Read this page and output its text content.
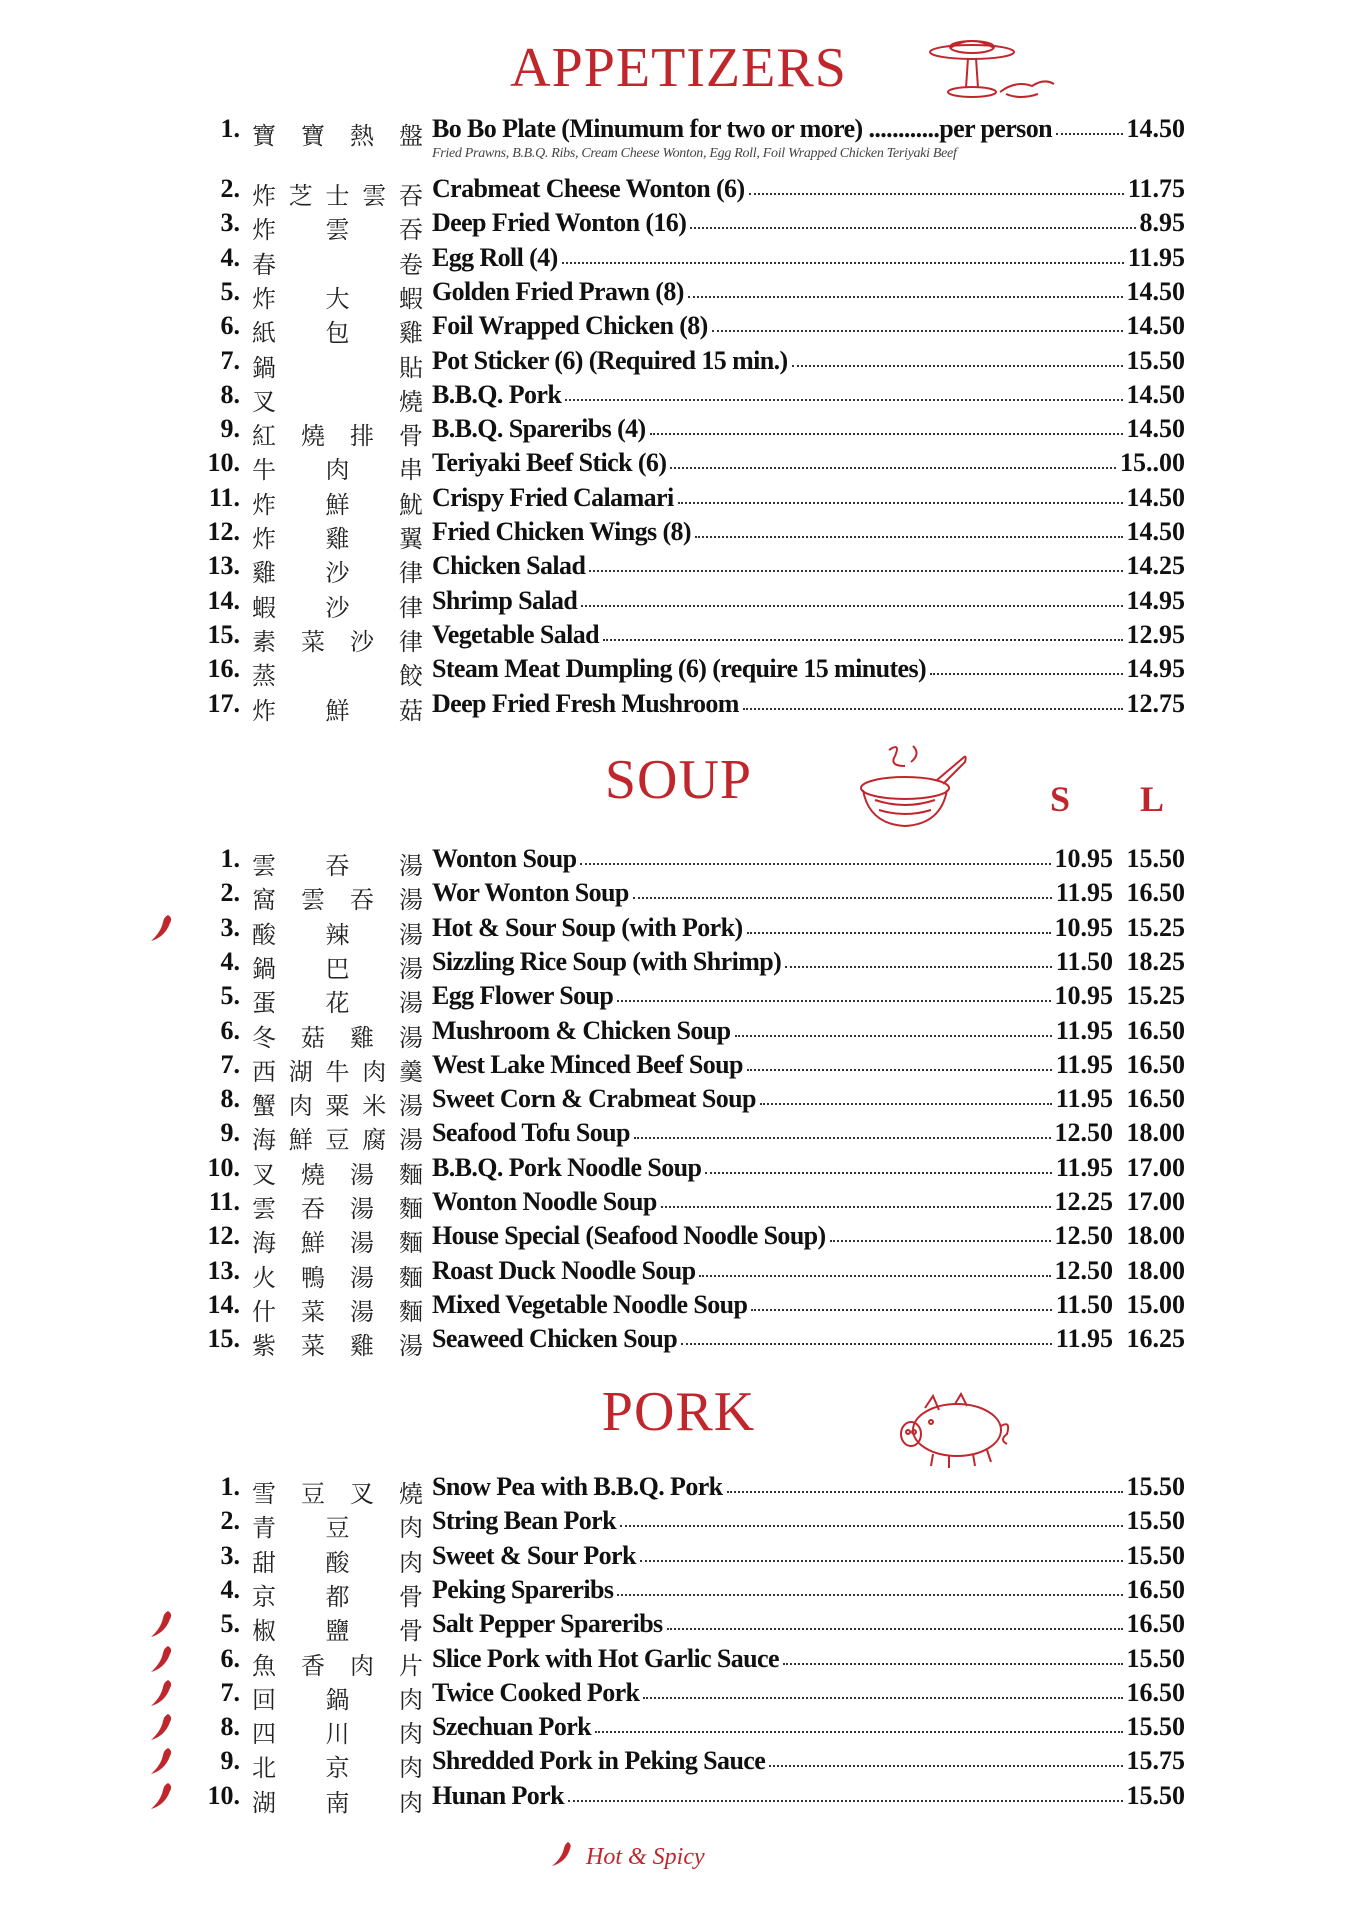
APPETIZERS
SOUP
PORK
S L
1. 寶 寶 熱 盤 Bo Bo Plate (Minumum for two or more) ............per person	14.50
Fried Prawns, B.B.Q. Ribs, Cream Cheese Wonton, Egg Roll, Foil Wrapped Chicken Teriyaki Beef
2. 炸 芝 士 雲 吞 Crabmeat Cheese Wonton (6)	11.75
3. 炸 雲 吞 Deep Fried Wonton (16)	8.95
4. 春	卷 Egg Roll (4)	11.95
5. 炸 大 蝦 Golden Fried Prawn (8)	14.50
6. 紙 包 雞 Foil Wrapped Chicken (8)	14.50
7. 鍋	貼 Pot Sticker (6) (Required 15 min.)	15.50
8. 叉	燒 B.B.Q. Pork	14.50
9. 紅 燒 排 骨 B.B.Q. Spareribs (4)	14.50
10. 牛 肉 串 Teriyaki Beef Stick (6)	15..00
11. 炸 鮮 魷 Crispy Fried Calamari	14.50
12. 炸 雞 翼 Fried Chicken Wings (8)	14.50
13. 雞 沙 律 Chicken Salad	14.25
14. 蝦 沙 律 Shrimp Salad	14.95
15. 素 菜 沙 律 Vegetable Salad	12.95
16. 蒸	餃 Steam Meat Dumpling (6) (require 15 minutes)	14.95
17. 炸 鮮 菇 Deep Fried Fresh Mushroom	12.75
1. 雲 吞 湯 Wonton Soup	10.95 15.50
2. 窩 雲 吞 湯 Wor Wonton Soup	11.95 16.50
3. 酸 辣 湯 Hot & Sour Soup (with Pork)	10.95 15.25
4. 鍋 巴 湯 Sizzling Rice Soup (with Shrimp)	11.50 18.25
5. 蛋 花 湯 Egg Flower Soup	10.95 15.25
6. 冬 菇 雞 湯 Mushroom & Chicken Soup	11.95 16.50
7. 西 湖 牛 肉 羹 West Lake Minced Beef Soup	11.95 16.50
8. 蟹 肉 粟 米 湯 Sweet Corn & Crabmeat Soup	11.95 16.50
9. 海 鮮 豆 腐 湯 Seafood Tofu Soup	12.50 18.00
10. 叉 燒 湯 麵 B.B.Q. Pork Noodle Soup	11.95 17.00
11. 雲 吞 湯 麵 Wonton Noodle Soup	12.25 17.00
12. 海 鮮 湯 麵 House Special (Seafood Noodle Soup)	12.50 18.00
13. 火 鴨 湯 麵 Roast Duck Noodle Soup	12.50 18.00
14. 什 菜 湯 麵 Mixed Vegetable Noodle Soup	11.50 15.00
15. 紫 菜 雞 湯 Seaweed Chicken Soup	11.95 16.25
1. 雪 豆 叉 燒 Snow Pea with B.B.Q. Pork	15.50
2. 青 豆 肉 String Bean Pork	15.50
3. 甜 酸 肉 Sweet & Sour Pork	15.50
4. 京 都 骨 Peking Spareribs	16.50
5. 椒 鹽 骨 Salt Pepper Spareribs	16.50
6. 魚 香 肉 片 Slice Pork with Hot Garlic Sauce	15.50
7. 回 鍋 肉 Twice Cooked Pork	16.50
8. 四 川 肉 Szechuan Pork	15.50
9. 北 京 肉 Shredded Pork in Peking Sauce	15.75
10. 湖 南 肉 Hunan Pork	15.50
Hot & Spicy
